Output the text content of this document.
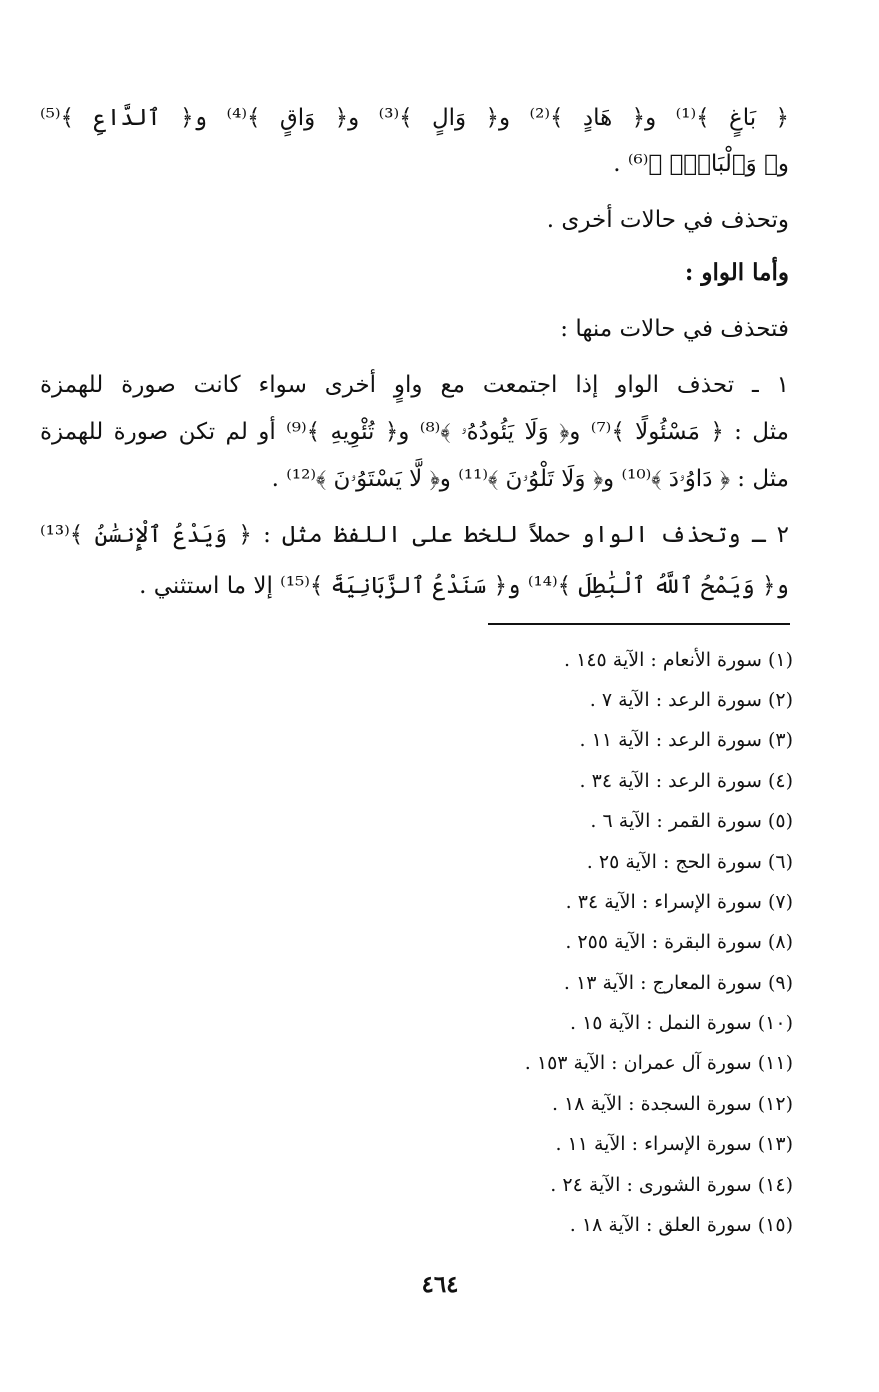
﴿ بَاغٍ ﴾⁽¹⁾ و﴿ هَادٍ ﴾⁽²⁾ و﴿ وَالٍ ﴾⁽³⁾ و﴿ وَاقٍ ﴾⁽⁴⁾ و﴿ ٱلدَّاعِ ﴾⁽⁵⁾
و﴿ وَٱلْبَادِۚ ﴾⁽⁶⁾ .
وتحذف في حالات أخرى .
وأما الواو :
فتحذف في حالات منها :
١ ـ تحذف الواو إذا اجتمعت مع واوٍ أخرى سواء كانت صورة للهمزة
مثل : ﴿ مَسْئُولًا ﴾⁽⁷⁾ و﴿ وَلَا يَئُودُهُۥ ﴾⁽⁸⁾ و﴿ تُئْوِيهِ ﴾⁽⁹⁾ أو لم تكن صورة للهمزة
مثل : ﴿ دَاوُۥدَ ﴾⁽¹⁰⁾ و﴿ وَلَا تَلْوُۥنَ ﴾⁽¹¹⁾ و﴿ لَّا يَسْتَوُۥنَ ﴾⁽¹²⁾ .
٢ ـ وتحذف الواو حملاً للخط على اللفظ مثل : ﴿ وَيَدْعُ ٱلْإِنسَٰنُ ﴾⁽¹³⁾
و﴿ وَيَمْحُ ٱللَّهُ ٱلْبَٰطِلَ ﴾⁽¹⁴⁾ و﴿ سَنَدْعُ ٱلزَّبَانِيَةَ ﴾⁽¹⁵⁾ إلا ما استثني .
(١) سورة الأنعام : الآية ١٤٥ .
(٢) سورة الرعد : الآية ٧ .
(٣) سورة الرعد : الآية ١١ .
(٤) سورة الرعد : الآية ٣٤ .
(٥) سورة القمر : الآية ٦ .
(٦) سورة الحج : الآية ٢٥ .
(٧) سورة الإسراء : الآية ٣٤ .
(٨) سورة البقرة : الآية ٢٥٥ .
(٩) سورة المعارج : الآية ١٣ .
(١٠) سورة النمل : الآية ١٥ .
(١١) سورة آل عمران : الآية ١٥٣ .
(١٢) سورة السجدة : الآية ١٨ .
(١٣) سورة الإسراء : الآية ١١ .
(١٤) سورة الشورى : الآية ٢٤ .
(١٥) سورة العلق : الآية ١٨ .
٤٦٤
